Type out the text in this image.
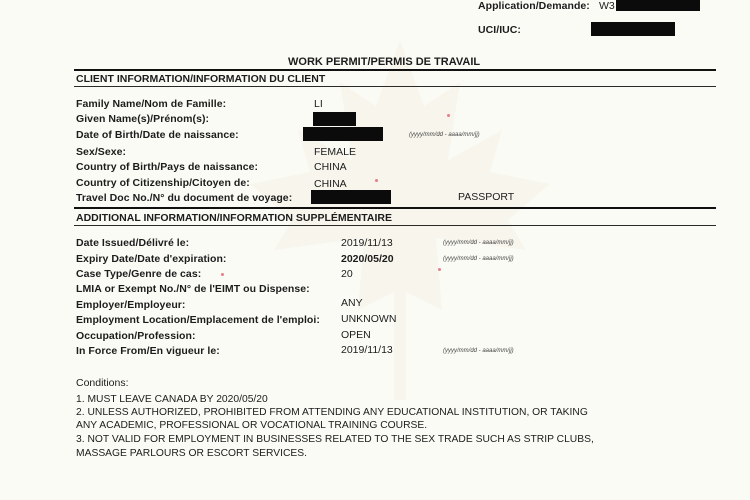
Application/Demande: W3
UCI/IUC:
WORK PERMIT/PERMIS DE TRAVAIL
CLIENT INFORMATION/INFORMATION DU CLIENT
Family Name/Nom de Famille:	LI
Given Name(s)/Prénom(s):
Date of Birth/Date de naissance:	(yyyy/mm/dd - aaaa/mm/jj)
Sex/Sexe:	FEMALE
Country of Birth/Pays de naissance:	CHINA
Country of Citizenship/Citoyen de:	CHINA
Travel Doc No./N° du document de voyage:	PASSPORT
ADDITIONAL INFORMATION/INFORMATION SUPPLÉMENTAIRE
Date Issued/Délivré le:	2019/11/13	(yyyy/mm/dd - aaaa/mm/jj)
Expiry Date/Date d'expiration:	2020/05/20	(yyyy/mm/dd - aaaa/mm/jj)
Case Type/Genre de cas:	20
LMIA or Exempt No./N° de l'EIMT ou Dispense:
Employer/Employeur:	ANY
Employment Location/Emplacement de l'emploi: UNKNOWN
Occupation/Profession:	OPEN
In Force From/En vigueur le:	2019/11/13	(yyyy/mm/dd - aaaa/mm/jj)
Conditions:
1. MUST LEAVE CANADA BY 2020/05/20
2. UNLESS AUTHORIZED, PROHIBITED FROM ATTENDING ANY EDUCATIONAL INSTITUTION, OR TAKING
ANY ACADEMIC, PROFESSIONAL OR VOCATIONAL TRAINING COURSE.
3. NOT VALID FOR EMPLOYMENT IN BUSINESSES RELATED TO THE SEX TRADE SUCH AS STRIP CLUBS,
MASSAGE PARLOURS OR ESCORT SERVICES.
